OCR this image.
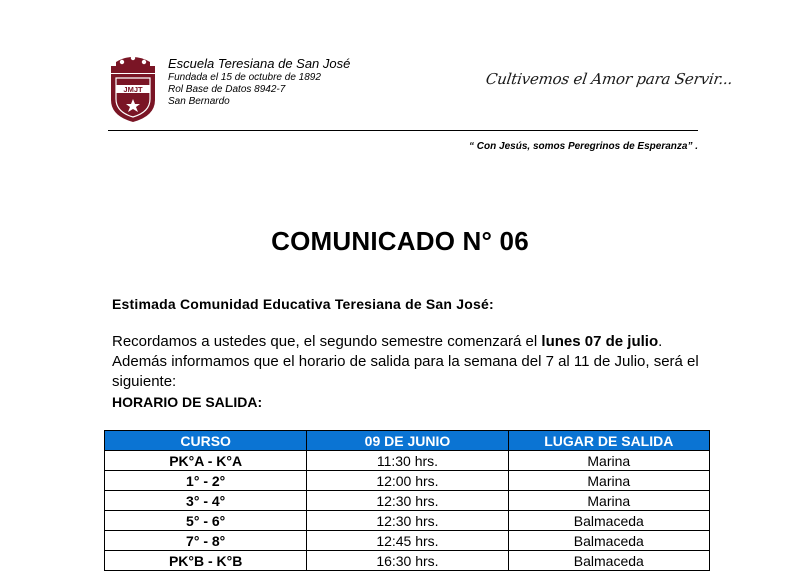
JMJT
Escuela Teresiana de San José
Fundada el 15 de octubre de 1892
Rol Base de Datos 8942-7
San Bernardo
Cultivemos el Amor para Servir...
“ Con Jesús, somos Peregrinos de Esperanza” .
COMUNICADO N° 06
Estimada Comunidad Educativa Teresiana de San José:
Recordamos a ustedes que, el segundo semestre comenzará el lunes 07 de julio. Además informamos que el horario de salida para la semana del 7 al 11 de Julio, será el siguiente:
HORARIO DE SALIDA:
CURSO	09 DE JUNIO	LUGAR DE SALIDA
PK°A - K°A	11:30 hrs.	Marina
1° - 2°	12:00 hrs.	Marina
3° - 4°	12:30 hrs.	Marina
5° - 6°	12:30 hrs.	Balmaceda
7° - 8°	12:45 hrs.	Balmaceda
PK°B - K°B	16:30 hrs.	Balmaceda
